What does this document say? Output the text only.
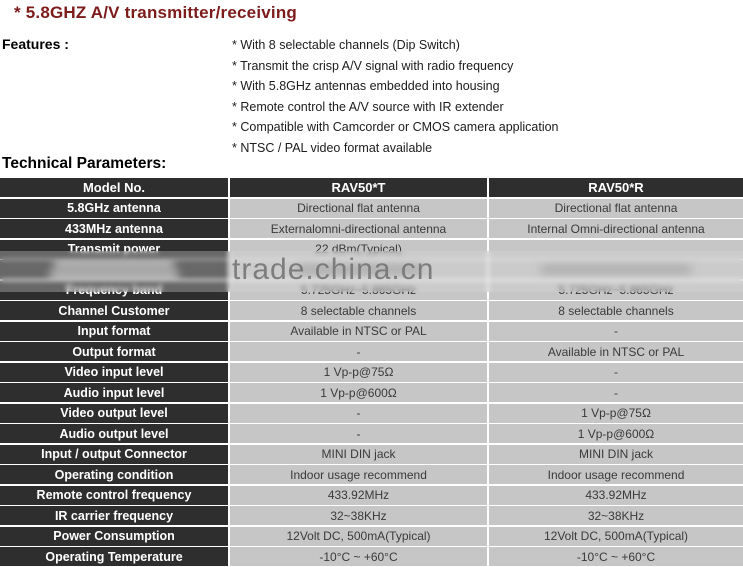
* 5.8GHZ A/V transmitter/receiving
Features :	* With 8 selectable channels (Dip Switch)
* Transmit the crisp A/V signal with radio frequency
* With 5.8GHz antennas embedded into housing
* Remote control the A/V source with IR extender
* Compatible with Camcorder or CMOS camera application
* NTSC / PAL video format available
Technical Parameters:
Model No.	RAV50*T	RAV50*R
5.8GHz antenna	Directional flat antenna	Directional flat antenna
433MHz antenna	Externalomni-directional antenna	Internal Omni-directional antenna
Transmit power	22 dBm(Typical)
Frequency band	5.725GHz~5.865GHz	5.725GHz~5.865GHz
Channel Customer	8 selectable channels	8 selectable channels
Input format	Available in NTSC or PAL	-
Output format	-	Available in NTSC or PAL
Video input level	1 Vp-p@75Ω	-
Audio input level	1 Vp-p@600Ω	-
Video output level	-	1 Vp-p@75Ω
Audio output level	-	1 Vp-p@600Ω
Input / output Connector	MINI DIN jack	MINI DIN jack
Operating condition	Indoor usage recommend	Indoor usage recommend
Remote control frequency	433.92MHz	433.92MHz
IR carrier frequency	32~38KHz	32~38KHz
Power Consumption	12Volt DC, 500mA(Typical)	12Volt DC, 500mA(Typical)
Operating Temperature	-10°C ~ +60°C	-10°C ~ +60°C
trade.china.cn
